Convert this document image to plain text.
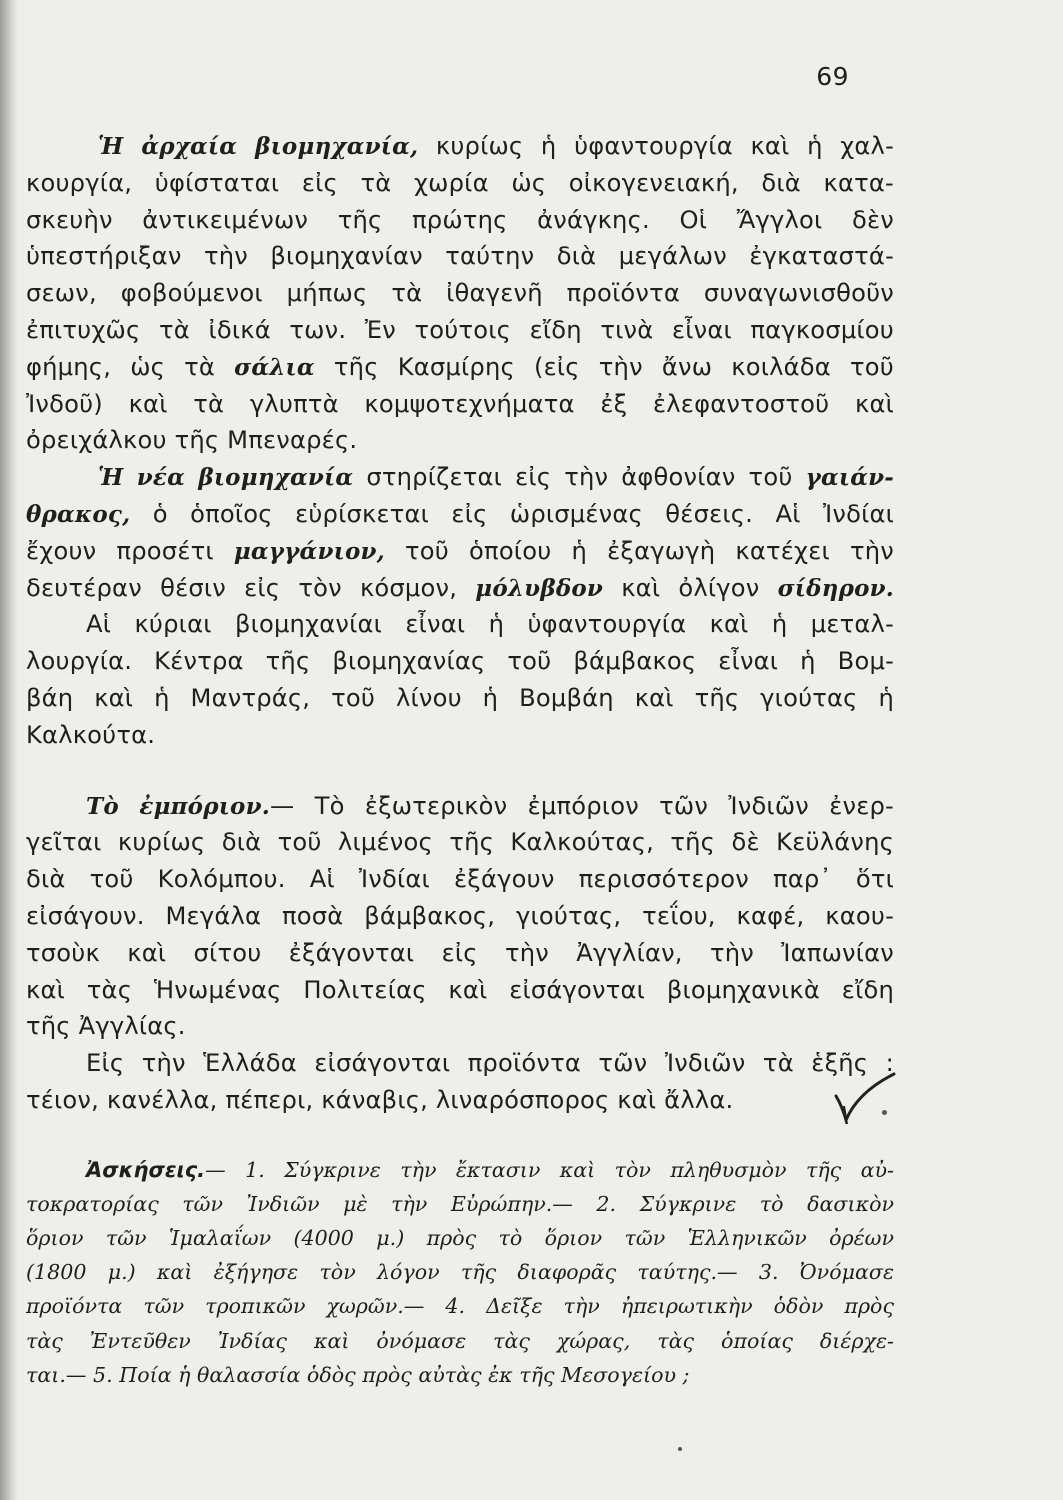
69
Ἡ ἀρχαία βιομηχανία, κυρίως ἡ ὑφαντουργία καὶ ἡ χαλ-
κουργία, ὑφίσταται εἰς τὰ χωρία ὡς οἰκογενειακή, διὰ κατα-
σκευὴν ἀντικειμένων τῆς πρώτης ἀνάγκης. Οἱ Ἄγγλοι δὲν
ὑπεστήριξαν τὴν βιομηχανίαν ταύτην διὰ μεγάλων ἐγκαταστά-
σεων, φοβούμενοι μήπως τὰ ἰθαγενῆ προϊόντα συναγωνισθοῦν
ἐπιτυχῶς τὰ ἰδικά των. Ἐν τούτοις εἴδη τινὰ εἶναι παγκοσμίου
φήμης, ὡς τὰ σάλια τῆς Κασμίρης (εἰς τὴν ἄνω κοιλάδα τοῦ
Ἰνδοῦ) καὶ τὰ γλυπτὰ κομψοτεχνήματα ἐξ ἐλεφαντοστοῦ καὶ
ὀρειχάλκου τῆς Μπεναρές.
Ἡ νέα βιομηχανία στηρίζεται εἰς τὴν ἀφθονίαν τοῦ γαιάν-
θρακος, ὁ ὁποῖος εὑρίσκεται εἰς ὡρισμένας θέσεις. Αἱ Ἰνδίαι
ἔχουν προσέτι μαγγάνιον, τοῦ ὁποίου ἡ ἐξαγωγὴ κατέχει τὴν
δευτέραν θέσιν εἰς τὸν κόσμον, μόλυβδον καὶ ὀλίγον σίδηρον.
Αἱ κύριαι βιομηχανίαι εἶναι ἡ ὑφαντουργία καὶ ἡ μεταλ-
λουργία. Κέντρα τῆς βιομηχανίας τοῦ βάμβακος εἶναι ἡ Βομ-
βάη καὶ ἡ Μαντράς, τοῦ λίνου ἡ Βομβάη καὶ τῆς γιούτας ἡ
Καλκούτα.
Τὸ ἐμπόριον.— Τὸ ἐξωτερικὸν ἐμπόριον τῶν Ἰνδιῶν ἐνερ-
γεῖται κυρίως διὰ τοῦ λιμένος τῆς Καλκούτας, τῆς δὲ Κεϋλάνης
διὰ τοῦ Κολόμπου. Αἱ Ἰνδίαι ἐξάγουν περισσότερον παρ᾽ ὅτι
εἰσάγουν. Μεγάλα ποσὰ βάμβακος, γιούτας, τεΐου, καφέ, καου-
τσοὺκ καὶ σίτου ἐξάγονται εἰς τὴν Ἀγγλίαν, τὴν Ἰαπωνίαν
καὶ τὰς Ἡνωμένας Πολιτείας καὶ εἰσάγονται βιομηχανικὰ εἴδη
τῆς Ἀγγλίας.
Εἰς τὴν Ἑλλάδα εἰσάγονται προϊόντα τῶν Ἰνδιῶν τὰ ἑξῆς :
τέιον, κανέλλα, πέπερι, κάναβις, λιναρόσπορος καὶ ἄλλα.
Ἀσκήσεις.— 1. Σύγκρινε τὴν ἔκτασιν καὶ τὸν πληθυσμὸν τῆς αὐ-
τοκρατορίας τῶν Ἰνδιῶν μὲ τὴν Εὐρώπην.— 2. Σύγκρινε τὸ δασικὸν
ὅριον τῶν Ἱμαλαΐων (4000 μ.) πρὸς τὸ ὅριον τῶν Ἑλληνικῶν ὀρέων
(1800 μ.) καὶ ἐξήγησε τὸν λόγον τῆς διαφορᾶς ταύτης.— 3. Ὀνόμασε
προϊόντα τῶν τροπικῶν χωρῶν.— 4. Δεῖξε τὴν ἠπειρωτικὴν ὁδὸν πρὸς
τὰς Ἐντεῦθεν Ἰνδίας καὶ ὀνόμασε τὰς χώρας, τὰς ὁποίας διέρχε-
ται.— 5. Ποία ἡ θαλασσία ὁδὸς πρὸς αὐτὰς ἐκ τῆς Μεσογείου ;
